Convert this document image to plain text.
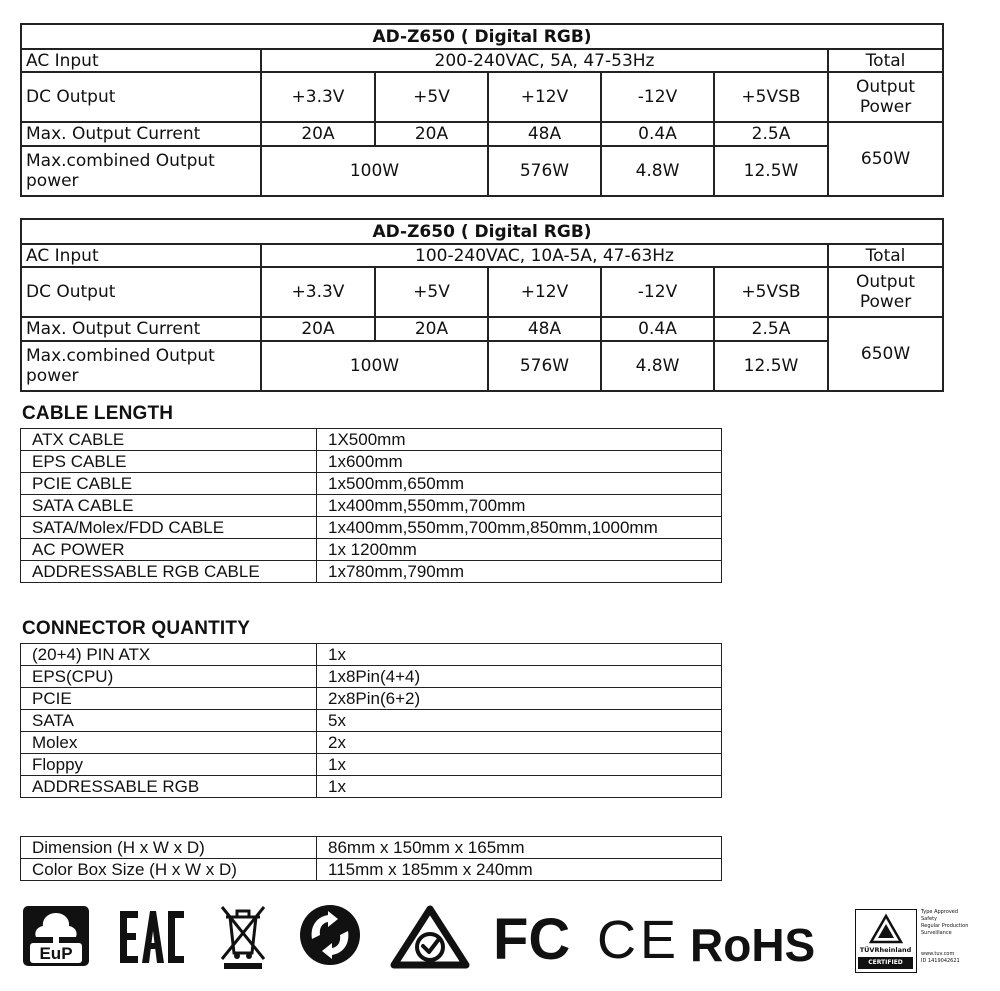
AD-Z650 ( Digital RGB)						
AC Input	200-240VAC, 5A, 47-53Hz					Total
DC Output	+3.3V	+5V	+12V	-12V	+5VSB	Output Power
Max. Output Current	20A	20A	48A	0.4A	2.5A	650W
Max.combined Output power	100W		576W	4.8W	12.5W	
AD-Z650 ( Digital RGB)						
AC Input	100-240VAC, 10A-5A, 47-63Hz					Total
DC Output	+3.3V	+5V	+12V	-12V	+5VSB	Output Power
Max. Output Current	20A	20A	48A	0.4A	2.5A	650W
Max.combined Output power	100W		576W	4.8W	12.5W	
CABLE LENGTH
ATX CABLE	1X500mm
EPS CABLE	1x600mm
PCIE CABLE	1x500mm,650mm
SATA CABLE	1x400mm,550mm,700mm
SATA/Molex/FDD CABLE	1x400mm,550mm,700mm,850mm,1000mm
AC POWER	1x 1200mm
ADDRESSABLE RGB CABLE	1x780mm,790mm
CONNECTOR QUANTITY
(20+4) PIN ATX	1x
EPS(CPU)	1x8Pin(4+4)
PCIE	2x8Pin(6+2)
SATA	5x
Molex	2x
Floppy	1x
ADDRESSABLE RGB	1x
Dimension (H x W x D)	86mm x 150mm x 165mm
Color Box Size (H x W x D)	115mm x 185mm x 240mm
EuP
EAC	FC CE RoHS	TÜVRheinland
CERTIFIED
Type Approved
Safety
Regular Production
Surveillance
www.tuv.com
ID 1419042621
